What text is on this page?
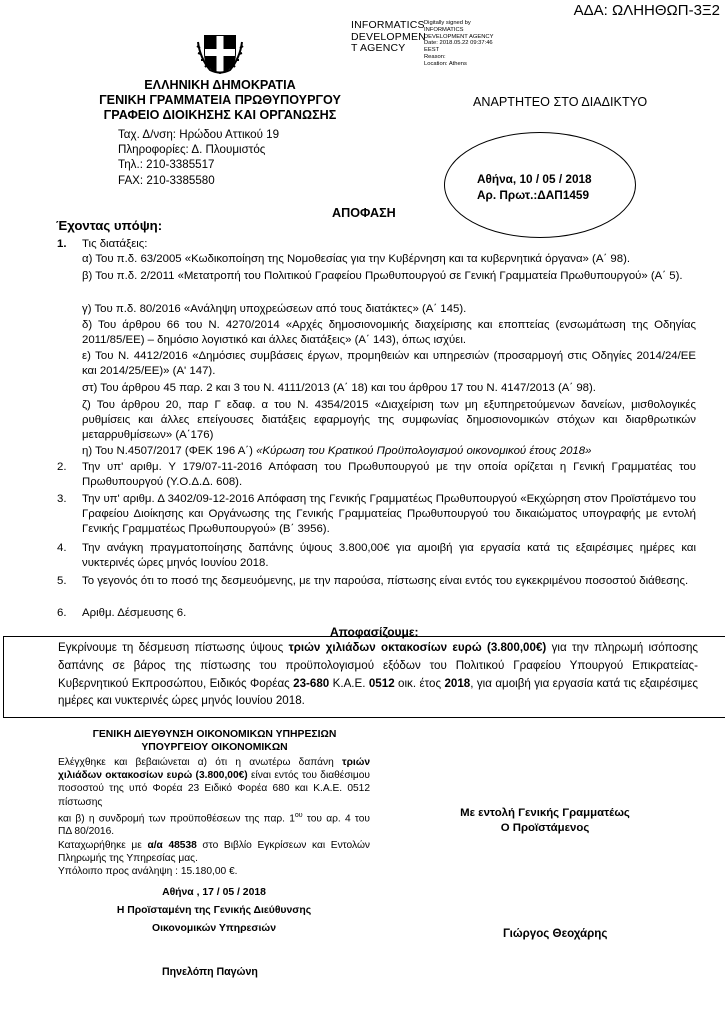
ΑΔΑ: ΩΛΗΗΘΩΠ-3Ξ2
INFORMATICS
DEVELOPMEN
T AGENCY
Digitally signed by
INFORMATICS
DEVELOPMENT AGENCY
Date: 2018.05.22 09:37:46
EEST
Reason:
Location: Athens
ΕΛΛΗΝΙΚΗ ΔΗΜΟΚΡΑΤΙΑ
ΓΕΝΙΚΗ ΓΡΑΜΜΑΤΕΙΑ ΠΡΩΘΥΠΟΥΡΓΟΥ
ΓΡΑΦΕΙΟ ΔΙΟΙΚΗΣΗΣ ΚΑΙ ΟΡΓΑΝΩΣΗΣ
ΑΝΑΡΤΗΤΕΟ ΣΤΟ ΔΙΑΔΙΚΤΥΟ
Ταχ. Δ/νση: Ηρώδου Αττικού 19
Πληροφορίες: Δ. Πλουμιστός
Τηλ.: 210-3385517
FAX: 210-3385580	Αθήνα, 10 / 05 / 2018
Αρ. Πρωτ.:ΔΑΠ1459
ΑΠΟΦΑΣΗ
Έχοντας υπόψη:
1. Τις διατάξεις:
α) Του π.δ. 63/2005 «Κωδικοποίηση της Νομοθεσίας για την Κυβέρνηση και τα κυβερνητικά όργανα» (Α΄ 98).
β) Του π.δ. 2/2011 «Μετατροπή του Πολιτικού Γραφείου Πρωθυπουργού σε Γενική Γραμματεία Πρωθυπουργού» (Α΄ 5).
γ) Του π.δ. 80/2016 «Ανάληψη υποχρεώσεων από τους διατάκτες» (Α΄ 145).
δ) Του άρθρου 66 του Ν. 4270/2014 «Αρχές δημοσιονομικής διαχείρισης και εποπτείας (ενσωμάτωση της Οδηγίας 2011/85/ΕΕ) – δημόσιο λογιστικό και άλλες διατάξεις» (Α΄ 143), όπως ισχύει.
ε) Του Ν. 4412/2016 «Δημόσιες συμβάσεις έργων, προμηθειών και υπηρεσιών (προσαρμογή στις Οδηγίες 2014/24/ΕΕ και 2014/25/ΕΕ)» (Α' 147).
στ) Του άρθρου 45 παρ. 2 και 3 του Ν. 4111/2013 (Α΄ 18) και του άρθρου 17 του Ν. 4147/2013 (Α΄ 98).
ζ) Του άρθρου 20, παρ Γ εδαφ. α του Ν. 4354/2015 «Διαχείριση των μη εξυπηρετούμενων δανείων, μισθολογικές ρυθμίσεις και άλλες επείγουσες διατάξεις εφαρμογής της συμφωνίας δημοσιονομικών στόχων και διαρθρωτικών μεταρρυθμίσεων» (Α΄176)
η) Του Ν.4507/2017 (ΦΕΚ 196 Α΄) «Κύρωση του Κρατικού Προϋπολογισμού οικονομικού έτους 2018»
2. Την υπ' αριθμ. Υ 179/07-11-2016 Απόφαση του Πρωθυπουργού με την οποία ορίζεται η Γενική Γραμματέας του Πρωθυπουργού (Υ.Ο.Δ.Δ. 608).
3. Την υπ' αριθμ. Δ 3402/09-12-2016 Απόφαση της Γενικής Γραμματέως Πρωθυπουργού «Εκχώρηση στον Προϊστάμενο του Γραφείου Διοίκησης και Οργάνωσης της Γενικής Γραμματείας Πρωθυπουργού του δικαιώματος υπογραφής με εντολή Γενικής Γραμματέως Πρωθυπουργού» (Β΄ 3956).
4. Την ανάγκη πραγματοποίησης δαπάνης ύψους 3.800,00€ για αμοιβή για εργασία κατά τις εξαιρέσιμες ημέρες και νυκτερινές ώρες μηνός Ιουνίου 2018.
5. Το γεγονός ότι το ποσό της δεσμευόμενης, με την παρούσα, πίστωσης είναι εντός του εγκεκριμένου ποσοστού διάθεσης.
6. Αριθμ. Δέσμευσης 6.
Αποφασίζουμε:
Εγκρίνουμε τη δέσμευση πίστωσης ύψους τριών χιλιάδων οκτακοσίων ευρώ (3.800,00€) για την πληρωμή ισόποσης δαπάνης σε βάρος της πίστωσης του προϋπολογισμού εξόδων του Πολιτικού Γραφείου Υπουργού Επικρατείας-Κυβερνητικού Εκπροσώπου, Ειδικός Φορέας 23-680 Κ.Α.Ε. 0512 οικ. έτος 2018, για αμοιβή για εργασία κατά τις εξαιρέσιμες ημέρες και νυκτερινές ώρες μηνός Ιουνίου 2018.
ΓΕΝΙΚΗ ΔΙΕΥΘΥΝΣΗ ΟΙΚΟΝΟΜΙΚΩΝ ΥΠΗΡΕΣΙΩΝ
ΥΠΟΥΡΓΕΙΟΥ ΟΙΚΟΝΟΜΙΚΩΝ

Ελέγχθηκε και βεβαιώνεται α) ότι η ανωτέρω δαπάνη τριών χιλιάδων οκτακοσίων ευρώ (3.800,00€) είναι εντός του διαθέσιμου ποσοστού της υπό Φορέα 23 Ειδικό Φορέα 680 και Κ.Α.Ε. 0512 πίστωσης

και β) η συνδρομή των προϋποθέσεων της παρ. $1^{o\upsilon}$ του αρ. 4 του ΠΔ 80/2016.

Καταχωρήθηκε με α/α 48538 στο Βιβλίο Εγκρίσεων και Εντολών Πληρωμής της Υπηρεσίας μας.

Υπόλοιπο προς ανάληψη : 15.180,00 €.

Αθήνα , 17 / 05 / 2018
Η Προϊσταμένη της Γενικής Διεύθυνσης
Οικονομικών Υπηρεσιών
Πηνελόπη Παγώνη
Με εντολή Γενικής Γραμματέως
Ο Προϊστάμενος
Γιώργος Θεοχάρης
